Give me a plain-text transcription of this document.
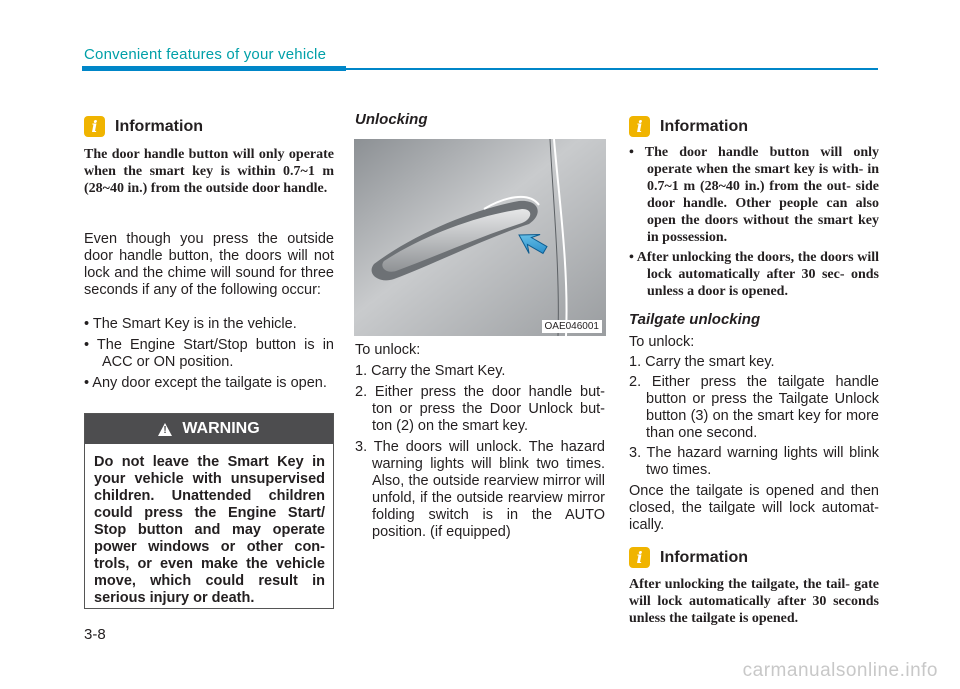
Convenient features of your vehicle
i	Information
The door handle button will only operate when the smart key is within 0.7~1 m (28~40 in.) from the outside door handle.
Even though you press the outside door handle button, the doors will not lock and the chime will sound for three seconds if any of the following occur:

• The Smart Key is in the vehicle.

• The Engine Start/Stop button is in ACC or ON position.

• Any door except the tailgate is open.

! WARNING
Do not leave the Smart Key in your vehicle with unsupervised children. Unattended children could press the Engine Start/ Stop button and may operate power windows or other con- trols, or even make the vehicle move, which could result in serious injury or death.
Unlocking
OAE046001

To unlock:

1. Carry the Smart Key.

2. Either press the door handle but- ton or press the Door Unlock but- ton (2) on the smart key.

3. The doors will unlock. The hazard warning lights will blink two times. Also, the outside rearview mirror will unfold, if the outside rearview mirror folding switch is in the AUTO position. (if equipped)

i	Information

• The door handle button will only operate when the smart key is with- in 0.7~1 m (28~40 in.) from the out- side door handle. Other people can also open the doors without the smart key in possession.

• After unlocking the doors, the doors will lock automatically after 30 sec- onds unless a door is opened.

Tailgate unlocking

To unlock:

1. Carry the smart key.

2. Either press the tailgate handle button or press the Tailgate Unlock button (3) on the smart key for more than one second.

3. The hazard warning lights will blink two times.

Once the tailgate is opened and then closed, the tailgate will lock automat- ically.

i	Information
After unlocking the tailgate, the tail- gate will lock automatically after 30 seconds unless the tailgate is opened.
3-8
carmanualsonline.info
